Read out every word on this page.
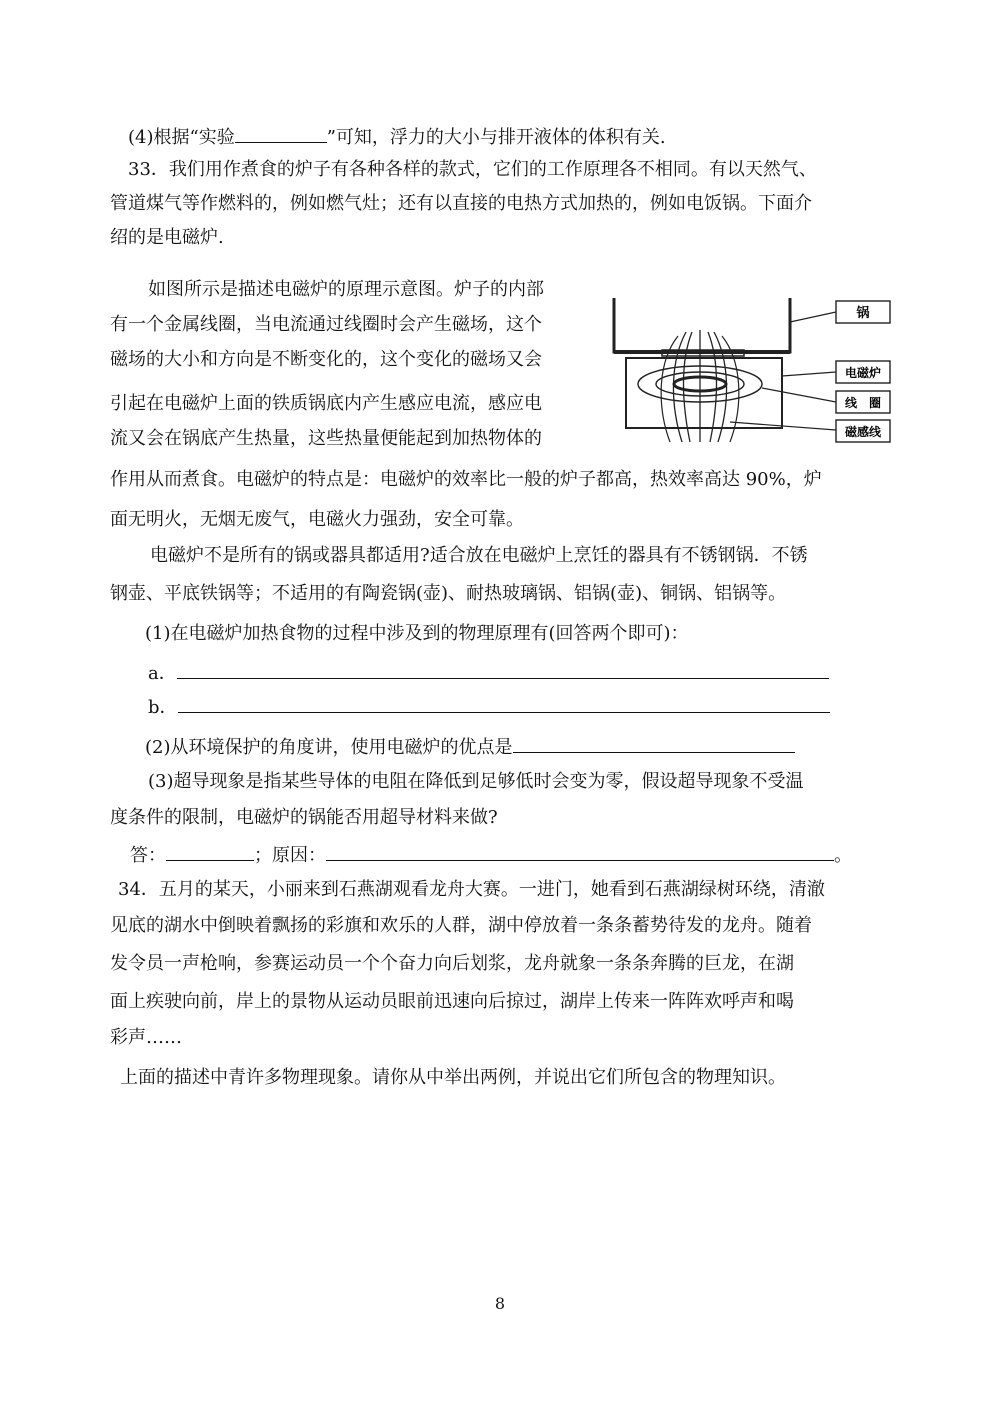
(4)根据“实验	”可知，浮力的大小与排开液体的体积有关.
33．我们用作煮食的炉子有各种各样的款式，它们的工作原理各不相同。有以天然气、
管道煤气等作燃料的，例如燃气灶；还有以直接的电热方式加热的，例如电饭锅。下面介
绍的是电磁炉.
如图所示是描述电磁炉的原理示意图。炉子的内部
有一个金属线圈，当电流通过线圈时会产生磁场，这个
磁场的大小和方向是不断变化的，这个变化的磁场又会
引起在电磁炉上面的铁质锅底内产生感应电流，感应电
流又会在锅底产生热量，这些热量便能起到加热物体的
作用从而煮食。电磁炉的特点是：电磁炉的效率比一般的炉子都高，热效率高达 90%，炉
面无明火，无烟无废气，电磁火力强劲，安全可靠。
电磁炉不是所有的锅或器具都适用?适合放在电磁炉上烹饪的器具有不锈钢锅．不锈
钢壶、平底铁锅等；不适用的有陶瓷锅(壶)、耐热玻璃锅、铝锅(壶)、铜锅、铝锅等。
(1)在电磁炉加热食物的过程中涉及到的物理原理有(回答两个即可)：
a．
b．
(2)从环境保护的角度讲，使用电磁炉的优点是
(3)超导现象是指某些导体的电阻在降低到足够低时会变为零，假设超导现象不受温
度条件的限制，电磁炉的锅能否用超导材料来做?
答：	；原因：	。
34．五月的某天，小丽来到石燕湖观看龙舟大赛。一进门，她看到石燕湖绿树环绕，清澈
见底的湖水中倒映着飘扬的彩旗和欢乐的人群，湖中停放着一条条蓄势待发的龙舟。随着
发令员一声枪响，参赛运动员一个个奋力向后划浆，龙舟就象一条条奔腾的巨龙，在湖
面上疾驶向前，岸上的景物从运动员眼前迅速向后掠过，湖岸上传来一阵阵欢呼声和喝
彩声……
上面的描述中青许多物理现象。请你从中举出两例，并说出它们所包含的物理知识。
锅
电磁炉
线　圈
磁感线
8
